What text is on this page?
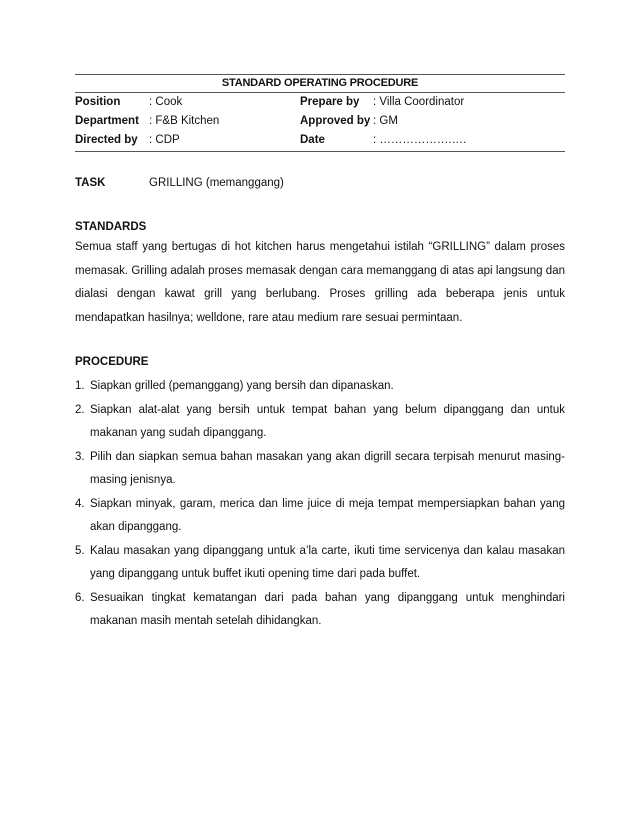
STANDARD OPERATING PROCEDURE
Position : Cook
Department : F&B Kitchen
Directed by : CDP
Prepare by : Villa Coordinator
Approved by : GM
Date	: ……………….….
TASK	GRILLING (memanggang)
STANDARDS
Semua staff yang bertugas di hot kitchen harus mengetahui istilah “GRILLING” dalam proses memasak. Grilling adalah proses memasak dengan cara memanggang di atas api langsung dan dialasi dengan kawat grill yang berlubang. Proses grilling ada beberapa jenis untuk mendapatkan hasilnya; welldone, rare atau medium rare sesuai permintaan.
PROCEDURE
1. Siapkan grilled (pemanggang) yang bersih dan dipanaskan.
2. Siapkan alat-alat yang bersih untuk tempat bahan yang belum dipanggang dan untuk makanan yang sudah dipanggang.
3. Pilih dan siapkan semua bahan masakan yang akan digrill secara terpisah menurut masing-masing jenisnya.
4. Siapkan minyak, garam, merica dan lime juice di meja tempat mempersiapkan bahan yang akan dipanggang.
5. Kalau masakan yang dipanggang untuk a’la carte, ikuti time servicenya dan kalau masakan yang dipanggang untuk buffet ikuti opening time dari pada buffet.
6. Sesuaikan tingkat kematangan dari pada bahan yang dipanggang untuk menghindari makanan masih mentah setelah dihidangkan.
